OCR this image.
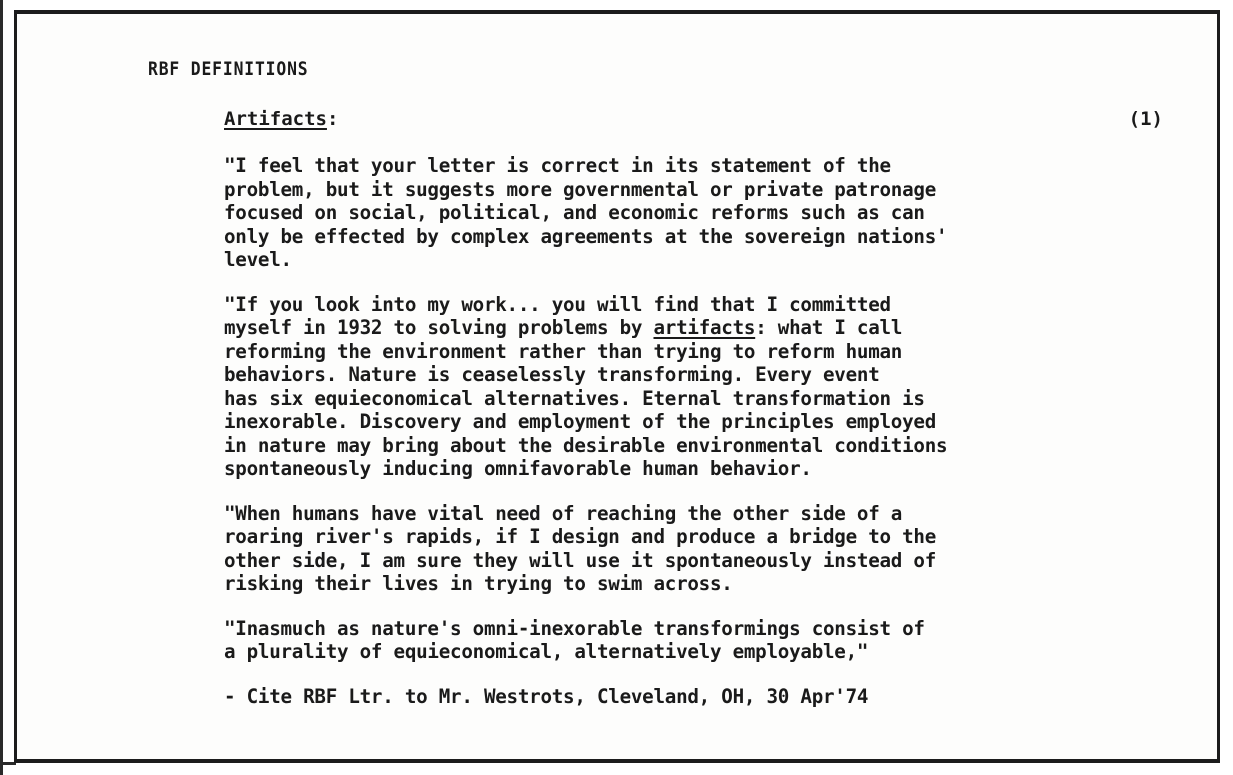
RBF DEFINITIONS
Artifacts:	(1)

"I feel that your letter is correct in its statement of the
problem, but it suggests more governmental or private patronage
focused on social, political, and economic reforms such as can
only be effected by complex agreements at the sovereign nations'
level.

"If you look into my work... you will find that I committed
myself in 1932 to solving problems by artifacts: what I call
reforming the environment rather than trying to reform human
behaviors. Nature is ceaselessly transforming. Every event
has six equieconomical alternatives. Eternal transformation is
inexorable. Discovery and employment of the principles employed
in nature may bring about the desirable environmental conditions
spontaneously inducing omnifavorable human behavior.

"When humans have vital need of reaching the other side of a
roaring river's rapids, if I design and produce a bridge to the
other side, I am sure they will use it spontaneously instead of
risking their lives in trying to swim across.

"Inasmuch as nature's omni-inexorable transformings consist of
a plurality of equieconomical, alternatively employable,"

- Cite RBF Ltr. to Mr. Westrots, Cleveland, OH, 30 Apr'74
